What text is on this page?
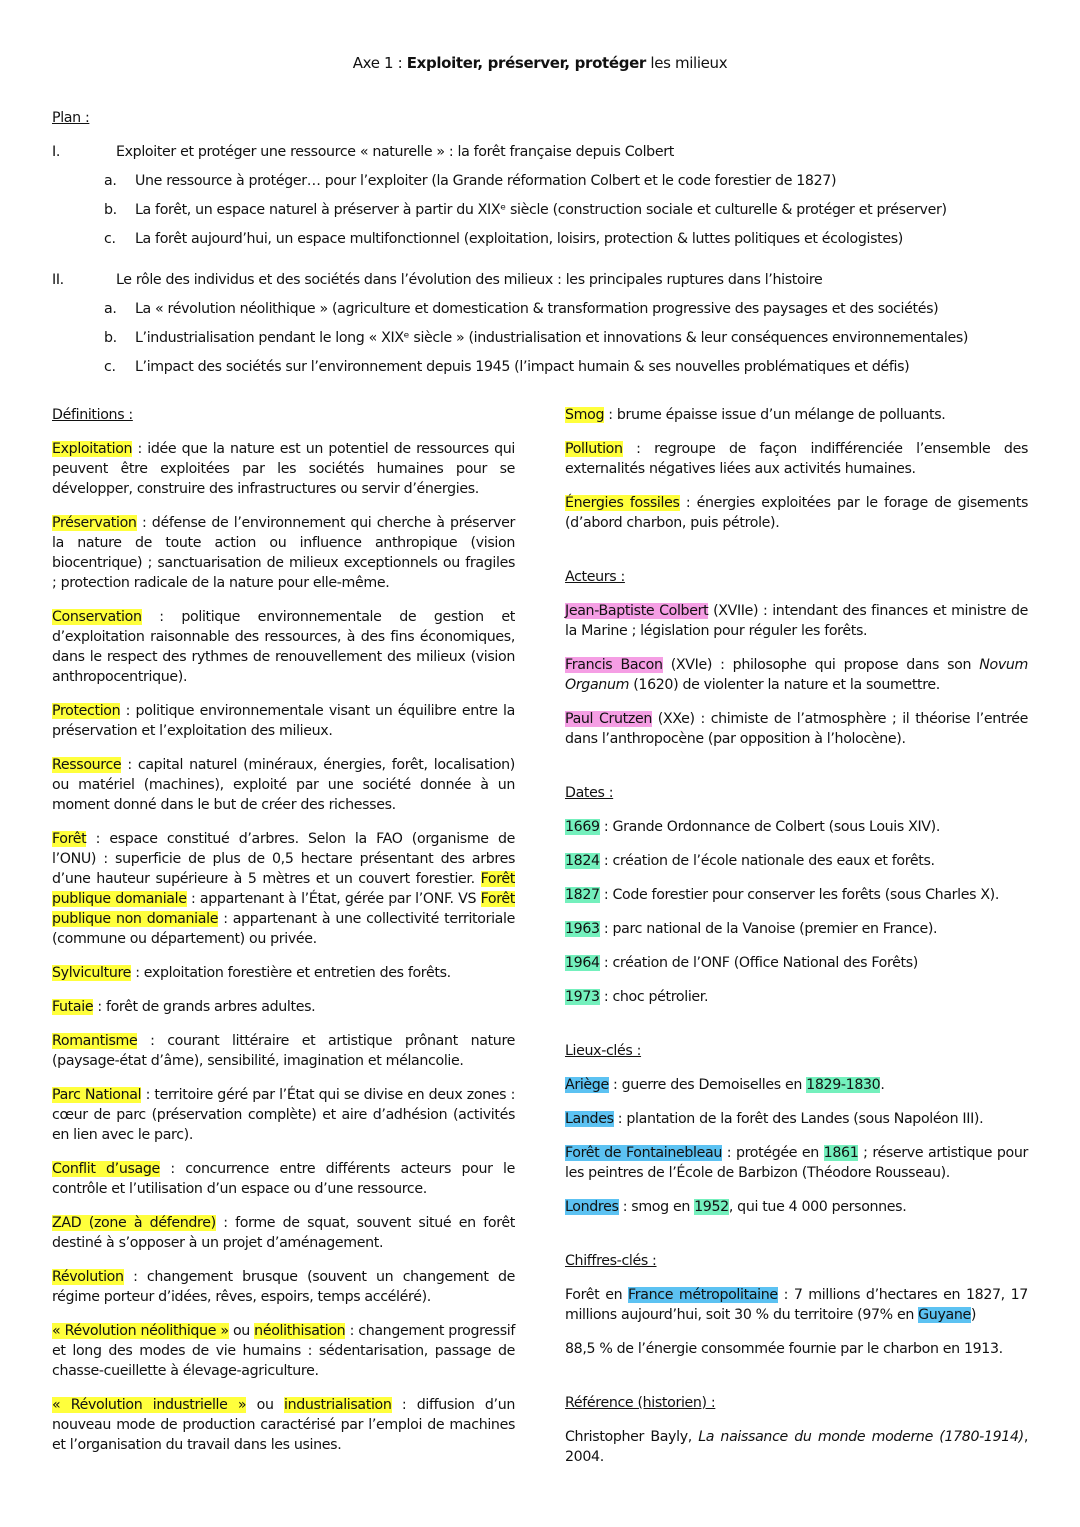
Axe 1 : Exploiter, préserver, protéger les milieux
Plan :
I.	Exploiter et protéger une ressource « naturelle » : la forêt française depuis Colbert
a. Une ressource à protéger… pour l’exploiter (la Grande réformation Colbert et le code forestier de 1827)
b. La forêt, un espace naturel à préserver à partir du XIXᵉ siècle (construction sociale et culturelle & protéger et préserver)
c. La forêt aujourd’hui, un espace multifonctionnel (exploitation, loisirs, protection & luttes politiques et écologistes)
II.	Le rôle des individus et des sociétés dans l’évolution des milieux : les principales ruptures dans l’histoire
a. La « révolution néolithique » (agriculture et domestication & transformation progressive des paysages et des sociétés)
b. L’industrialisation pendant le long « XIXᵉ siècle » (industrialisation et innovations & leur conséquences environnementales)
c. L’impact des sociétés sur l’environnement depuis 1945 (l’impact humain & ses nouvelles problématiques et défis)
Définitions :

Exploitation : idée que la nature est un potentiel de ressources qui peuvent être exploitées par les sociétés humaines pour se développer, construire des infrastructures ou servir d’énergies.

Préservation : défense de l’environnement qui cherche à préserver la nature de toute action ou influence anthropique (vision biocentrique) ; sanctuarisation de milieux exceptionnels ou fragiles ; protection radicale de la nature pour elle-même.

Conservation : politique environnementale de gestion et d’exploitation raisonnable des ressources, à des fins économiques, dans le respect des rythmes de renouvellement des milieux (vision anthropocentrique).

Protection : politique environnementale visant un équilibre entre la préservation et l’exploitation des milieux.

Ressource : capital naturel (minéraux, énergies, forêt, localisation) ou matériel (machines), exploité par une société donnée à un moment donné dans le but de créer des richesses.

Forêt : espace constitué d’arbres. Selon la FAO (organisme de l’ONU) : superficie de plus de 0,5 hectare présentant des arbres d’une hauteur supérieure à 5 mètres et un couvert forestier. Forêt publique domaniale : appartenant à l’État, gérée par l’ONF. VS Forêt publique non domaniale : appartenant à une collectivité territoriale (commune ou département) ou privée.

Sylviculture : exploitation forestière et entretien des forêts.

Futaie : forêt de grands arbres adultes.

Romantisme : courant littéraire et artistique prônant nature (paysage-état d’âme), sensibilité, imagination et mélancolie.

Parc National : territoire géré par l’État qui se divise en deux zones : cœur de parc (préservation complète) et aire d’adhésion (activités en lien avec le parc).

Conflit d’usage : concurrence entre différents acteurs pour le contrôle et l’utilisation d’un espace ou d’une ressource.

ZAD (zone à défendre) : forme de squat, souvent situé en forêt destiné à s’opposer à un projet d’aménagement.

Révolution : changement brusque (souvent un changement de régime porteur d’idées, rêves, espoirs, temps accéléré).

« Révolution néolithique » ou néolithisation : changement progressif et long des modes de vie humains : sédentarisation, passage de chasse-cueillette à élevage-agriculture.

« Révolution industrielle » ou industrialisation : diffusion d’un nouveau mode de production caractérisé par l’emploi de machines et l’organisation du travail dans les usines.

Smog : brume épaisse issue d’un mélange de polluants.

Pollution : regroupe de façon indifférenciée l’ensemble des externalités négatives liées aux activités humaines.

Énergies fossiles : énergies exploitées par le forage de gisements (d’abord charbon, puis pétrole).

Acteurs :

Jean-Baptiste Colbert (XVIIe) : intendant des finances et ministre de la Marine ; législation pour réguler les forêts.

Francis Bacon (XVIe) : philosophe qui propose dans son Novum Organum (1620) de violenter la nature et la soumettre.

Paul Crutzen (XXe) : chimiste de l’atmosphère ; il théorise l’entrée dans l’anthropocène (par opposition à l’holocène).

Dates :

1669 : Grande Ordonnance de Colbert (sous Louis XIV).

1824 : création de l’école nationale des eaux et forêts.

1827 : Code forestier pour conserver les forêts (sous Charles X).

1963 : parc national de la Vanoise (premier en France).

1964 : création de l’ONF (Office National des Forêts)

1973 : choc pétrolier.

Lieux-clés :

Ariège : guerre des Demoiselles en 1829-1830.

Landes : plantation de la forêt des Landes (sous Napoléon III).

Forêt de Fontainebleau : protégée en 1861 ; réserve artistique pour les peintres de l’École de Barbizon (Théodore Rousseau).

Londres : smog en 1952, qui tue 4 000 personnes.

Chiffres-clés :

Forêt en France métropolitaine : 7 millions d’hectares en 1827, 17 millions aujourd’hui, soit 30 % du territoire (97% en Guyane)

88,5 % de l’énergie consommée fournie par le charbon en 1913.

Référence (historien) :

Christopher Bayly, La naissance du monde moderne (1780-1914), 2004.
